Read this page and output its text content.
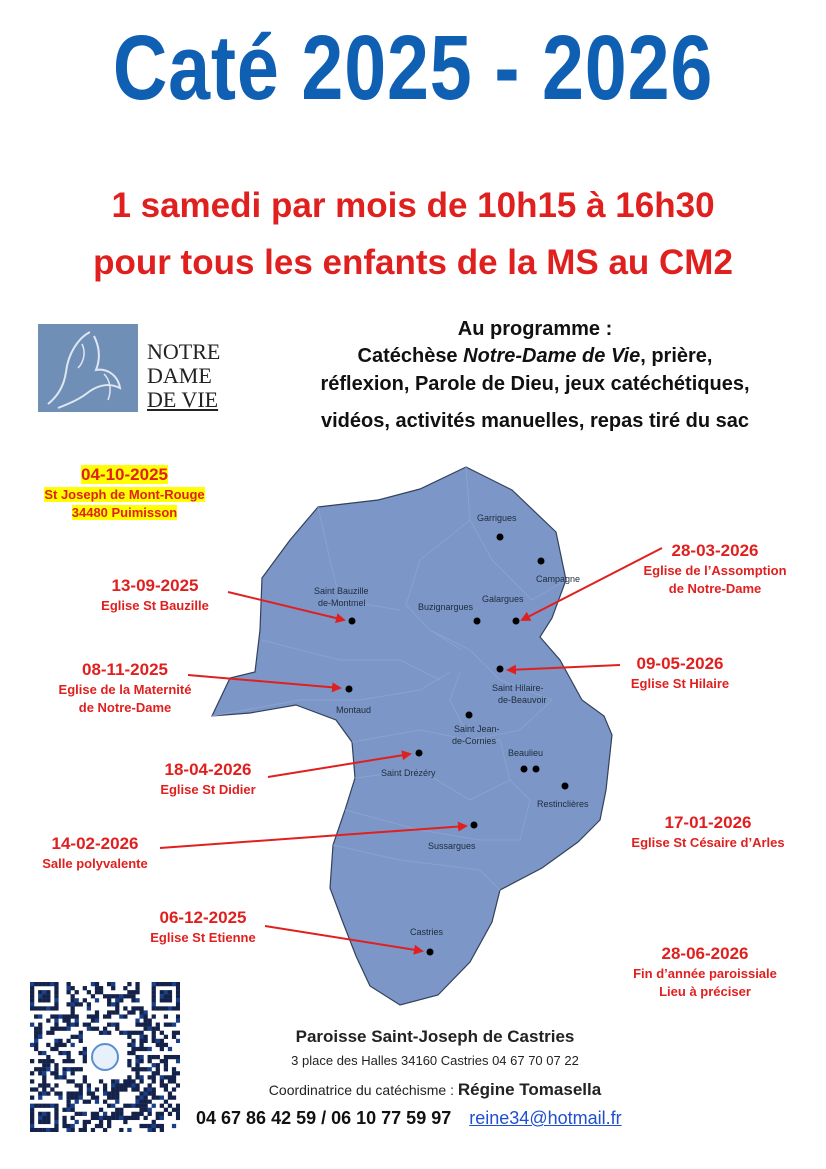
Caté 2025 - 2026
1 samedi par mois de 10h15 à 16h30
pour tous les enfants de la MS au CM2
NOTRE
DAME
DE VIE
Au programme :
Catéchèse Notre-Dame de Vie, prière,
réflexion, Parole de Dieu, jeux catéchétiques,
vidéos, activités manuelles, repas tiré du sac
Garrigues
Campagne
Saint Bauzille
de-Montmel	Buzignargues
Galargues
Saint Hilaire-
de-Beauvoir
Montaud
Saint Jean-
de-Cornies
Beaulieu
Saint Drézéry
Restinclières
Sussargues
Castries
04-10-2025
St Joseph de Mont-Rouge
34480 Puimisson
13-09-2025
Eglise St Bauzille
08-11-2025
Eglise de la Maternité
de Notre-Dame
18-04-2026
Eglise St Didier
14-02-2026
Salle polyvalente
06-12-2025
Eglise St Etienne
28-03-2026
Eglise de l’Assomption
de Notre-Dame
09-05-2026
Eglise St Hilaire
17-01-2026
Eglise St Césaire d’Arles
28-06-2026
Fin d’année paroissiale
Lieu à préciser
Paroisse Saint-Joseph de Castries
3 place des Halles 34160 Castries 04 67 70 07 22
Coordinatrice du catéchisme : Régine Tomasella
04 67 86 42 59 / 06 10 77 59 97 reine34@hotmail.fr
